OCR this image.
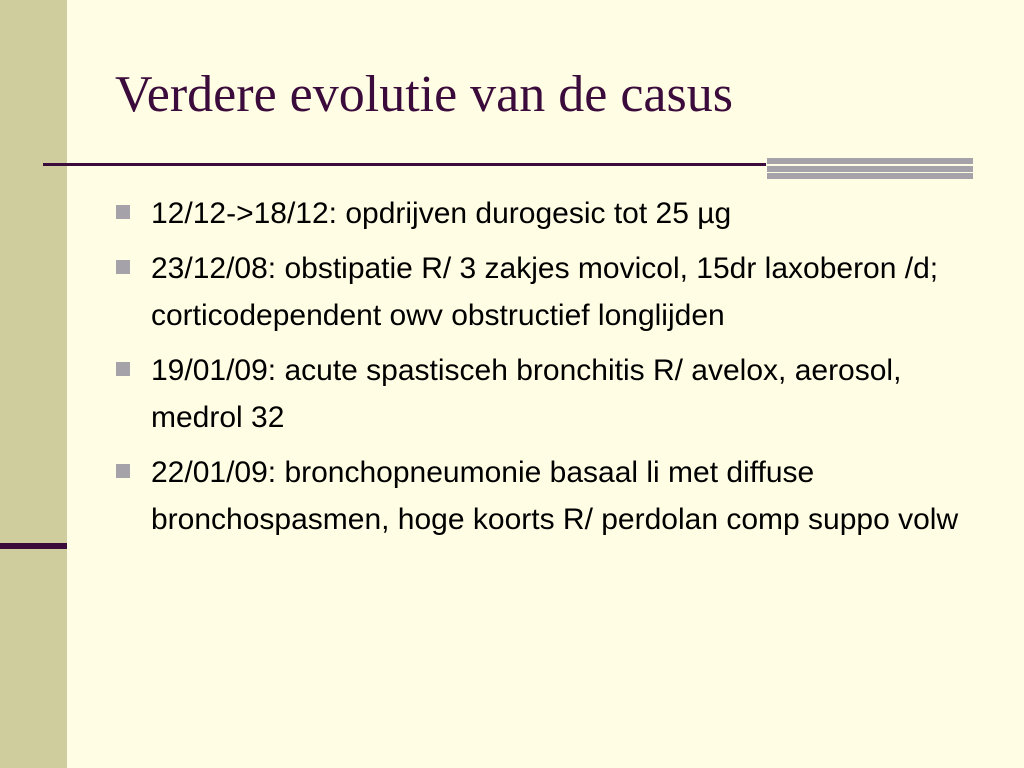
Verdere evolutie van de casus
12/12->18/12: opdrijven durogesic tot 25 µg
23/12/08: obstipatie R/ 3 zakjes movicol, 15dr laxoberon /d; corticodependent owv obstructief longlijden
19/01/09: acute spastisceh bronchitis R/ avelox, aerosol, medrol 32
22/01/09: bronchopneumonie basaal li met diffuse bronchospasmen, hoge koorts R/ perdolan comp suppo volw
